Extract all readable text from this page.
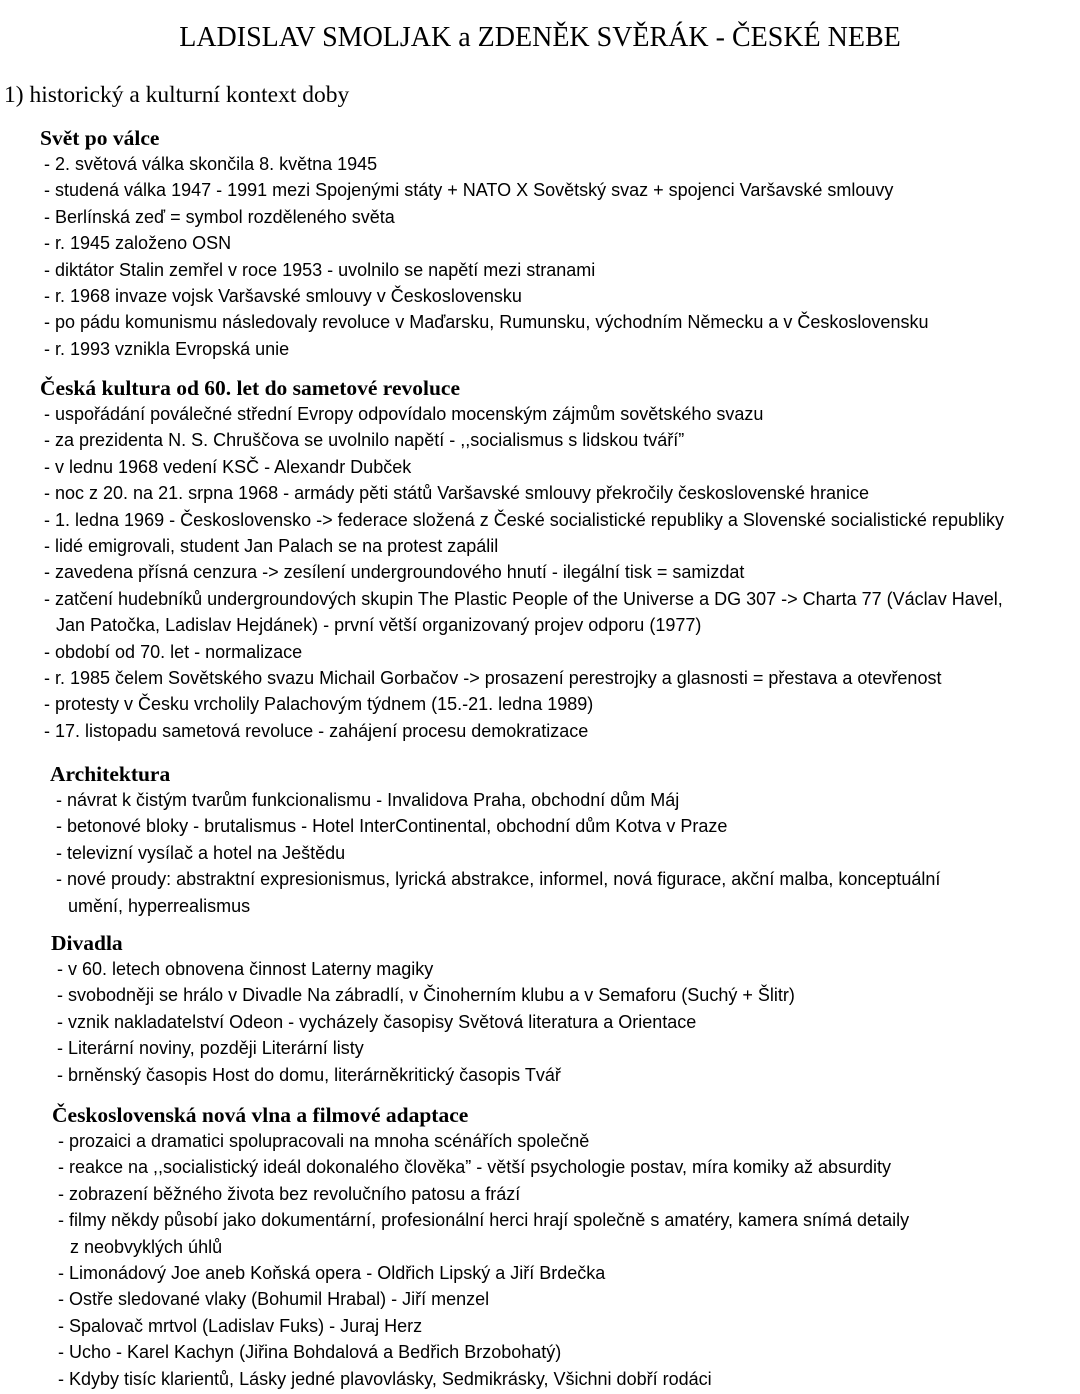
LADISLAV SMOLJAK a ZDENĚK SVĚRÁK - ČESKÉ NEBE
1) historický a kulturní kontext doby
Svět po válce
- 2. světová válka skončila 8. května 1945
- studená válka 1947 - 1991 mezi Spojenými státy + NATO X Sovětský svaz + spojenci Varšavské smlouvy
- Berlínská zeď = symbol rozděleného světa
- r. 1945 založeno OSN
- diktátor Stalin zemřel v roce 1953 - uvolnilo se napětí mezi stranami
- r. 1968 invaze vojsk Varšavské smlouvy v Československu
- po pádu komunismu následovaly revoluce v Maďarsku, Rumunsku, východním Německu a v Československu
- r. 1993 vznikla Evropská unie
Česká kultura od 60. let do sametové revoluce
- uspořádání poválečné střední Evropy odpovídalo mocenským zájmům sovětského svazu
- za prezidenta N. S. Chruščova se uvolnilo napětí - ,,socialismus s lidskou tváří”
- v lednu 1968 vedení KSČ - Alexandr Dubček
- noc z 20. na 21. srpna 1968 - armády pěti států Varšavské smlouvy překročily československé hranice
- 1. ledna 1969 - Československo -> federace složená z České socialistické republiky a Slovenské socialistické republiky
- lidé emigrovali, student Jan Palach se na protest zapálil
- zavedena přísná cenzura -> zesílení undergroundového hnutí - ilegální tisk = samizdat
- zatčení hudebníků undergroundových skupin The Plastic People of the Universe a DG 307 -> Charta 77 (Václav Havel,
Jan Patočka, Ladislav Hejdánek) - první větší organizovaný projev odporu (1977)
- období od 70. let - normalizace
- r. 1985 čelem Sovětského svazu Michail Gorbačov -> prosazení perestrojky a glasnosti = přestava a otevřenost
- protesty v Česku vrcholily Palachovým týdnem (15.-21. ledna 1989)
- 17. listopadu sametová revoluce - zahájení procesu demokratizace
Architektura
- návrat k čistým tvarům funkcionalismu - Invalidova Praha, obchodní dům Máj
- betonové bloky - brutalismus - Hotel InterContinental, obchodní dům Kotva v Praze
- televizní vysílač a hotel na Ještědu
- nové proudy: abstraktní expresionismus, lyrická abstrakce, informel, nová figurace, akční malba, konceptuální
umění, hyperrealismus
Divadla
- v 60. letech obnovena činnost Laterny magiky
- svobodněji se hrálo v Divadle Na zábradlí, v Činoherním klubu a v Semaforu (Suchý + Šlitr)
- vznik nakladatelství Odeon - vycházely časopisy Světová literatura a Orientace
- Literární noviny, později Literární listy
- brněnský časopis Host do domu, literárněkritický časopis Tvář
Československá nová vlna a filmové adaptace
- prozaici a dramatici spolupracovali na mnoha scénářích společně
- reakce na ,,socialistický ideál dokonalého člověka” - větší psychologie postav, míra komiky až absurdity
- zobrazení běžného života bez revolučního patosu a frází
- filmy někdy působí jako dokumentární, profesionální herci hrají společně s amatéry, kamera snímá detaily
z neobvyklých úhlů
- Limonádový Joe aneb Koňská opera - Oldřich Lipský a Jiří Brdečka
- Ostře sledované vlaky (Bohumil Hrabal) - Jiří menzel
- Spalovač mrtvol (Ladislav Fuks) - Juraj Herz
- Ucho - Karel Kachyn (Jiřina Bohdalová a Bedřich Brzobohatý)
- Kdyby tisíc klarientů, Lásky jedné plavovlásky, Sedmikrásky, Všichni dobří rodáci
